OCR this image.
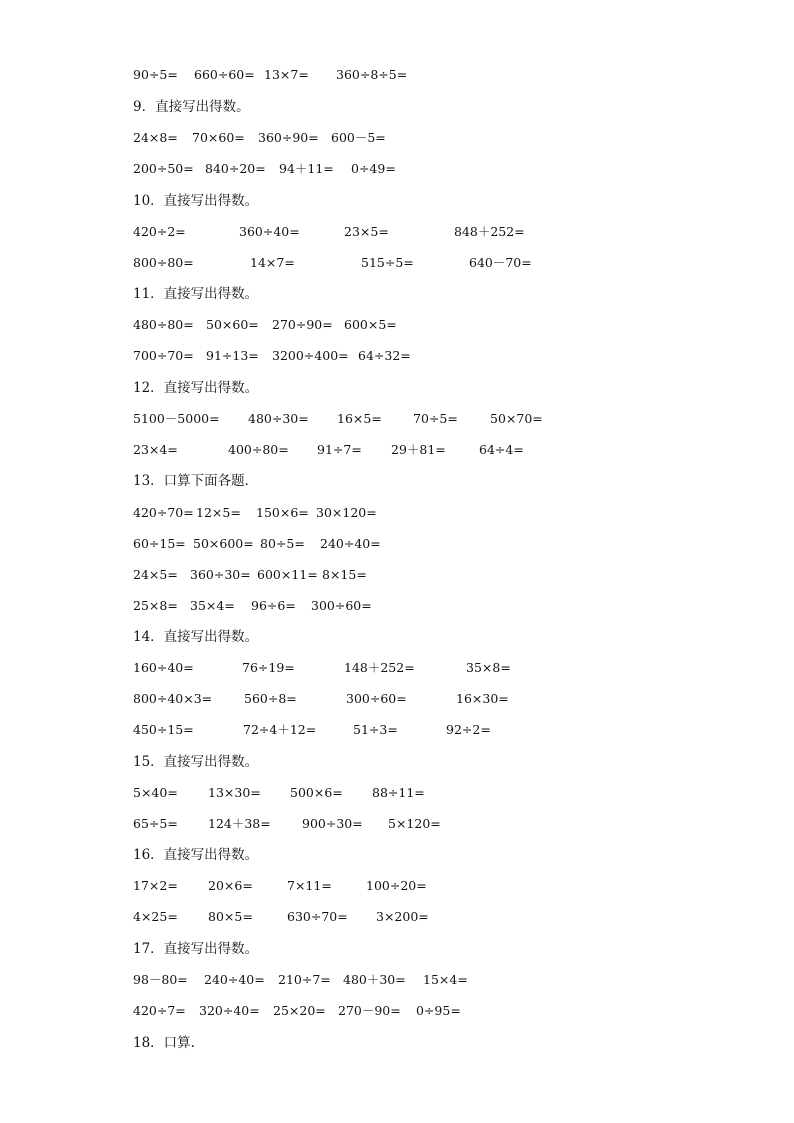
90÷5= 660÷60= 13×7= 360÷8÷5=
9．直接写出得数。
24×8= 70×60= 360÷90= 600－5=
200÷50= 840÷20= 94＋11= 0÷49=
10．直接写出得数。
420÷2=	360÷40=	23×5=	848＋252=
800÷80=	14×7=	515÷5=	640－70=
11．直接写出得数。
480÷80= 50×60= 270÷90= 600×5=
700÷70= 91÷13= 3200÷400= 64÷32=
12．直接写出得数。
5100－5000= 480÷30= 16×5= 70÷5=	50×70=
23×4=	400÷80= 91÷7= 29＋81=	64÷4=
13．口算下面各题．
420÷70= 12×5= 150×6= 30×120=
60÷15= 50×600= 80÷5= 240÷40=
24×5= 360÷30= 600×11= 8×15=
25×8= 35×4= 96÷6= 300÷60=
14．直接写出得数。
160÷40=	76÷19=	148＋252=	35×8=
800÷40×3=	560÷8=	300÷60=	16×30=
450÷15=	72÷4＋12=	51÷3=	92÷2=
15．直接写出得数。
5×40= 13×30= 500×6= 88÷11=
65÷5= 124＋38=	900÷30= 5×120=
16．直接写出得数。
17×2= 20×6=	7×11=	100÷20=
4×25= 80×5=	630÷70= 3×200=
17．直接写出得数。
98－80= 240÷40= 210÷7= 480＋30= 15×4=
420÷7= 320÷40= 25×20= 270－90= 0÷95=
18．口算.
